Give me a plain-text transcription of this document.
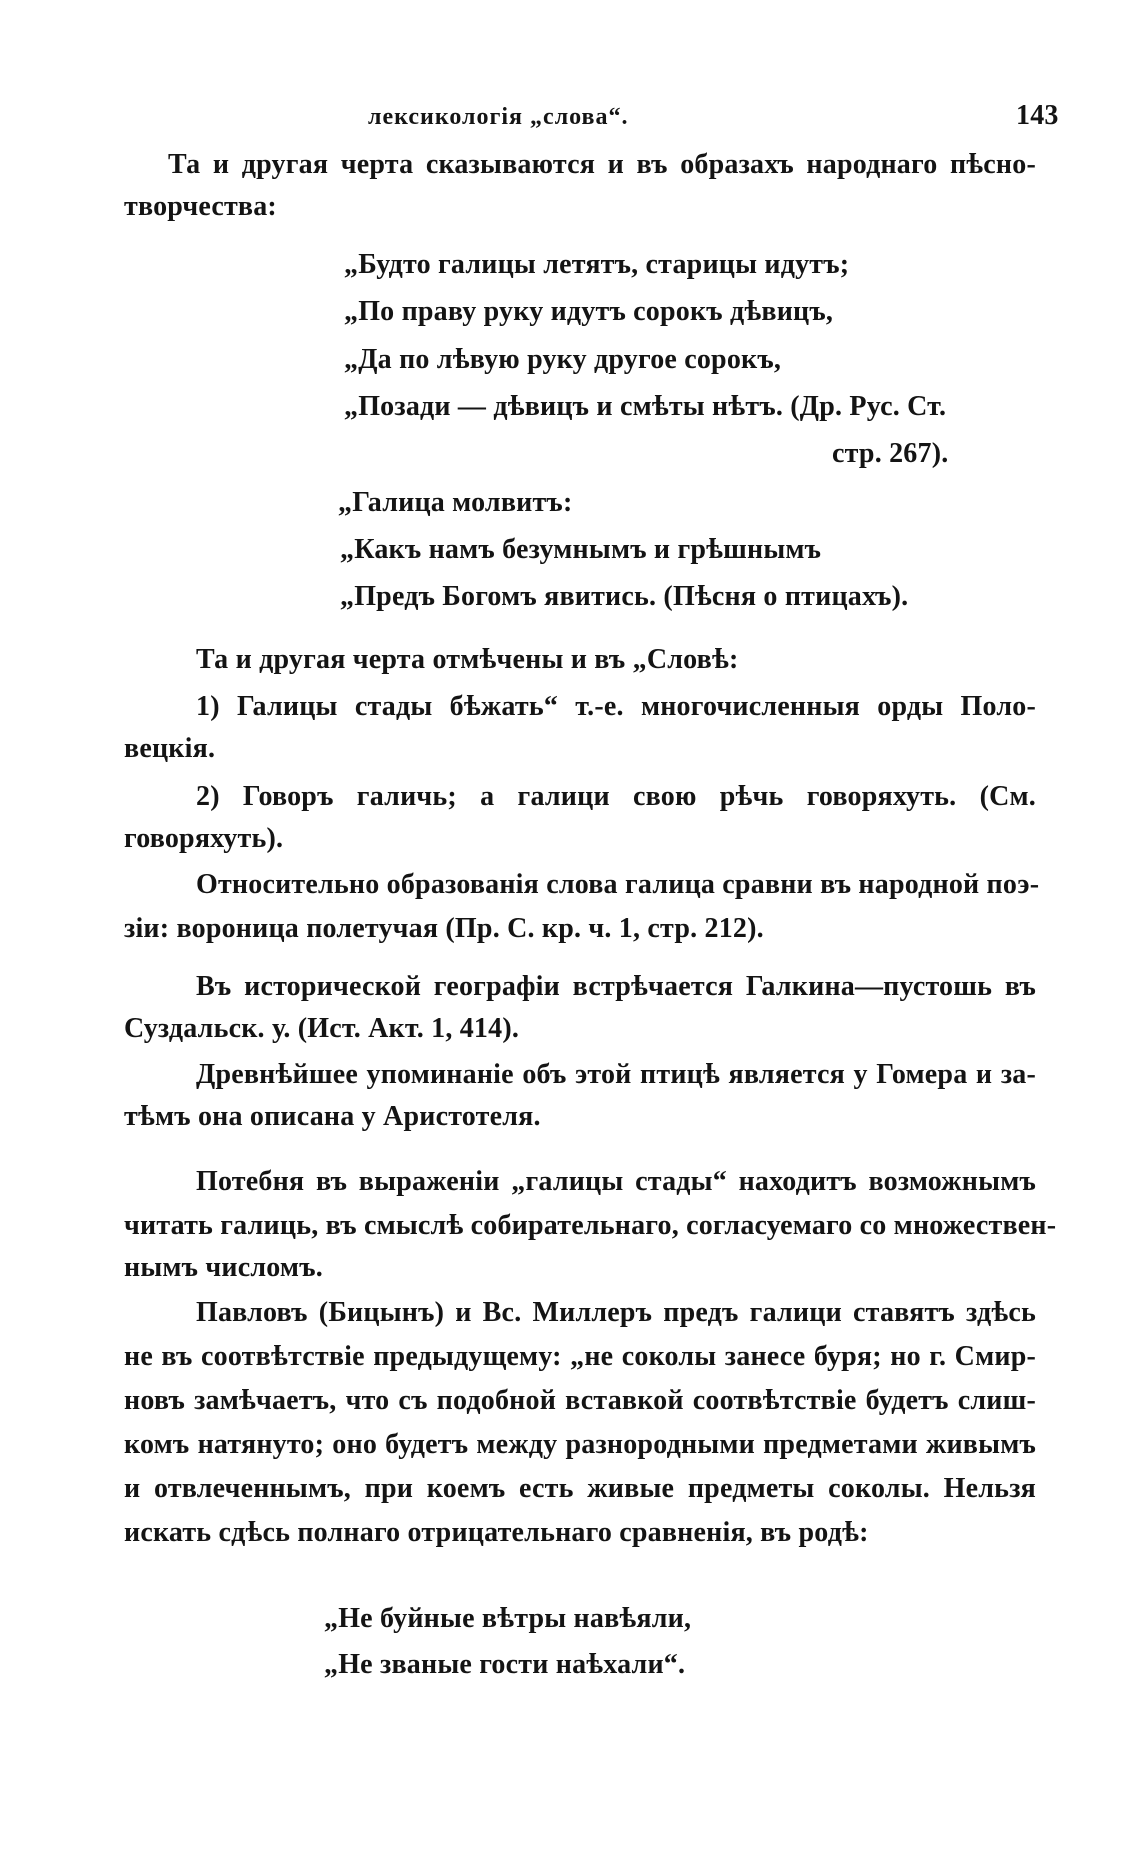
лексикологія „слова“.	143
Та и другая черта сказываются и въ образахъ народнаго пѣсно-
творчества:
„Будто галицы летятъ, старицы идутъ;
„По праву руку идутъ сорокъ дѣвицъ,
„Да по лѣвую руку другое сорокъ,
„Позади — дѣвицъ и смѣты нѣтъ. (Др. Рус. Ст.
стр. 267).
„Галица молвитъ:
„Какъ намъ безумнымъ и грѣшнымъ
„Предъ Богомъ явитись. (Пѣсня о птицахъ).
Та и другая черта отмѣчены и въ „Словѣ:
1) Галицы стады бѣжать“ т.-е. многочисленныя орды Поло-
вецкія.
2) Говоръ галичь; а галици свою рѣчь говоряхуть. (См.
говоряхуть).
Относительно образованія слова галица сравни въ народной поэ-
зіи: вороница полетучая (Пр. С. кр. ч. 1, стр. 212).
Въ исторической географіи встрѣчается Галкина—пустошь въ
Суздальск. у. (Ист. Акт. 1, 414).
Древнѣйшее упоминаніе объ этой птицѣ является у Гомера и за-
тѣмъ она описана у Аристотеля.
Потебня въ выраженіи „галицы стады“ находитъ возможнымъ
читать галиць, въ смыслѣ собирательнаго, согласуемаго со множествен-
нымъ числомъ.
Павловъ (Бицынъ) и Вс. Миллеръ предъ галици ставятъ здѣсь
не въ соотвѣтствіе предыдущему: „не соколы занесе буря; но г. Смир-
новъ замѣчаетъ, что съ подобной вставкой соотвѣтствіе будетъ слиш-
комъ натянуто; оно будетъ между разнородными предметами живымъ
и отвлеченнымъ, при коемъ есть живые предметы соколы. Нельзя
искать сдѣсь полнаго отрицательнаго сравненія, въ родѣ:
„Не буйные вѣтры навѣяли,
„Не званые гости наѣхали“.
